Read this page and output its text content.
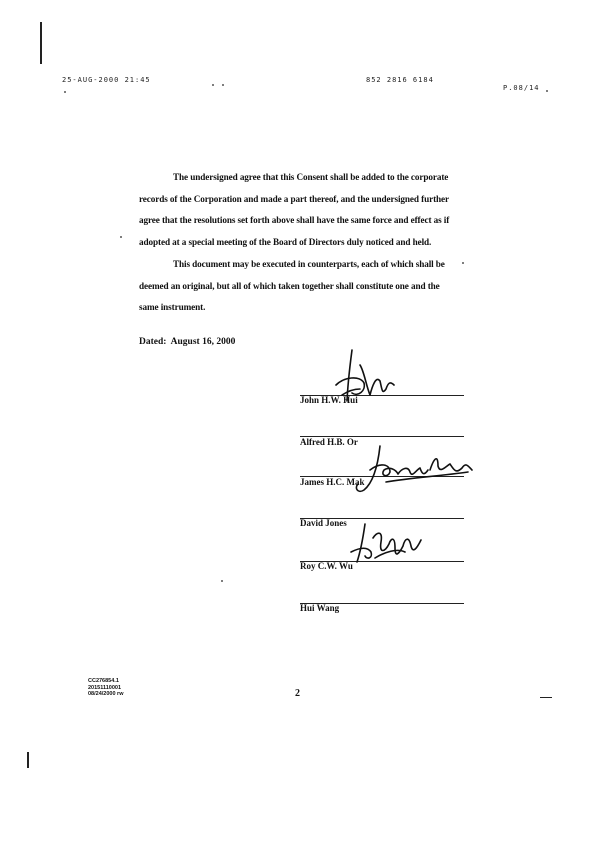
25-AUG-2000 21:45	852 2816 6184
P.08/14
The undersigned agree that this Consent shall be added to the corporate
records of the Corporation and made a part thereof, and the undersigned further
agree that the resolutions set forth above shall have the same force and effect as if
adopted at a special meeting of the Board of Directors duly noticed and held.
This document may be executed in counterparts, each of which shall be
deemed an original, but all of which taken together shall constitute one and the
same instrument.
Dated:  August 16, 2000
John H.W. Hui
Alfred H.B. Or
James H.C. Mak
David Jones
Roy C.W. Wu
Hui Wang
CC276854.1
20151110001
08/24/2000 rw	2
